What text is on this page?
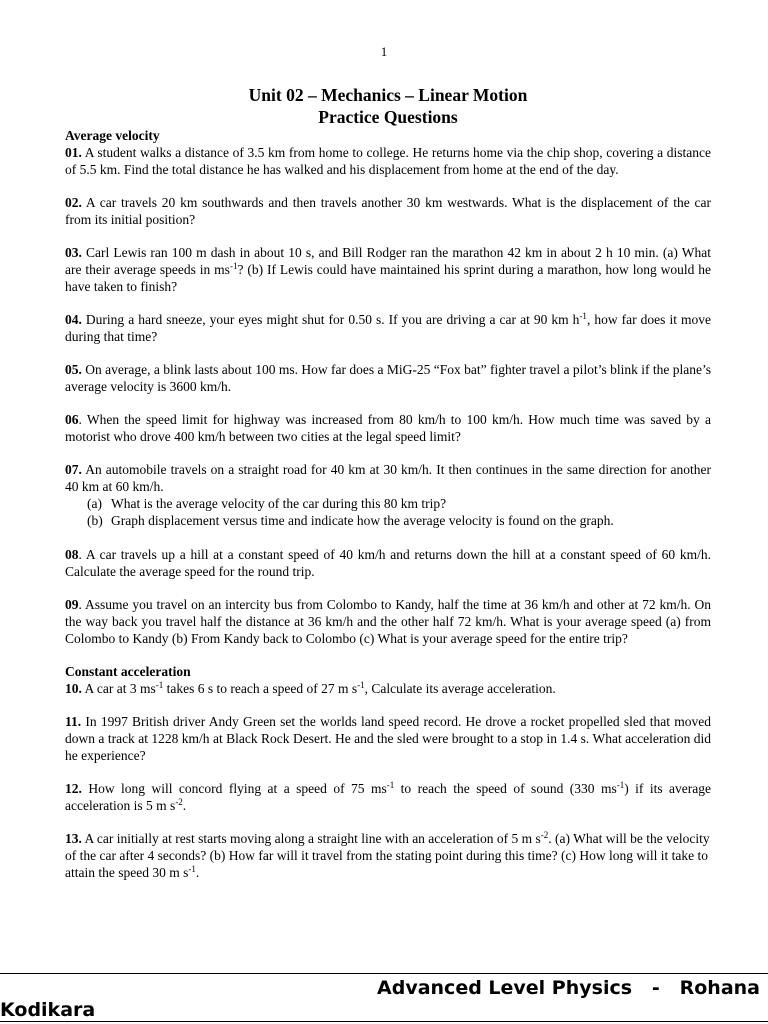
1
Unit 02 – Mechanics – Linear Motion
Practice Questions
Average velocity

01. A student walks a distance of 3.5 km from home to college. He returns home via the chip shop, covering a distance of 5.5 km. Find the total distance he has walked and his displacement from home at the end of the day.

02. A car travels 20 km southwards and then travels another 30 km westwards. What is the displacement of the car from its initial position?

03. Carl Lewis ran 100 m dash in about 10 s, and Bill Rodger ran the marathon 42 km in about 2 h 10 min. (a) What are their average speeds in $ms^{-1}$? (b) If Lewis could have maintained his sprint during a marathon, how long would he have taken to finish?

04. During a hard sneeze, your eyes might shut for 0.50 s. If you are driving a car at 90 km $h^{-1}$, how far does it move during that time?

05. On average, a blink lasts about 100 ms. How far does a MiG-25 “Fox bat” fighter travel a pilot’s blink if the plane’s average velocity is 3600 km/h.

06. When the speed limit for highway was increased from 80 km/h to 100 km/h. How much time was saved by a motorist who drove 400 km/h between two cities at the legal speed limit?

07. An automobile travels on a straight road for 40 km at 30 km/h. It then continues in the same direction for another 40 km at 60 km/h.

(a) What is the average velocity of the car during this 80 km trip?
(b) Graph displacement versus time and indicate how the average velocity is found on the graph.

08. A car travels up a hill at a constant speed of 40 km/h and returns down the hill at a constant speed of 60 km/h. Calculate the average speed for the round trip.

09. Assume you travel on an intercity bus from Colombo to Kandy, half the time at 36 km/h and other at 72 km/h. On the way back you travel half the distance at 36 km/h and the other half 72 km/h. What is your average speed (a) from Colombo to Kandy (b) From Kandy back to Colombo (c) What is your average speed for the entire trip?

Constant acceleration

10. A car at 3 $ms^{-1}$ takes 6 s to reach a speed of 27 m $s^{-1}$, Calculate its average acceleration.

11. In 1997 British driver Andy Green set the worlds land speed record. He drove a rocket propelled sled that moved down a track at 1228 km/h at Black Rock Desert. He and the sled were brought to a stop in 1.4 s. What acceleration did he experience?

12. How long will concord flying at a speed of 75 $ms^{-1}$ to reach the speed of sound (330 $ms^{-1}$) if its average acceleration is 5 m $s^{-2}$.

13. A car initially at rest starts moving along a straight line with an acceleration of 5 m $s^{-2}$. (a) What will be the velocity of the car after 4 seconds? (b) How far will it travel from the stating point during this time? (c) How long will it take to attain the speed 30 m $s^{-1}$.

Advanced Level Physics   -   Rohana
Kodikara
